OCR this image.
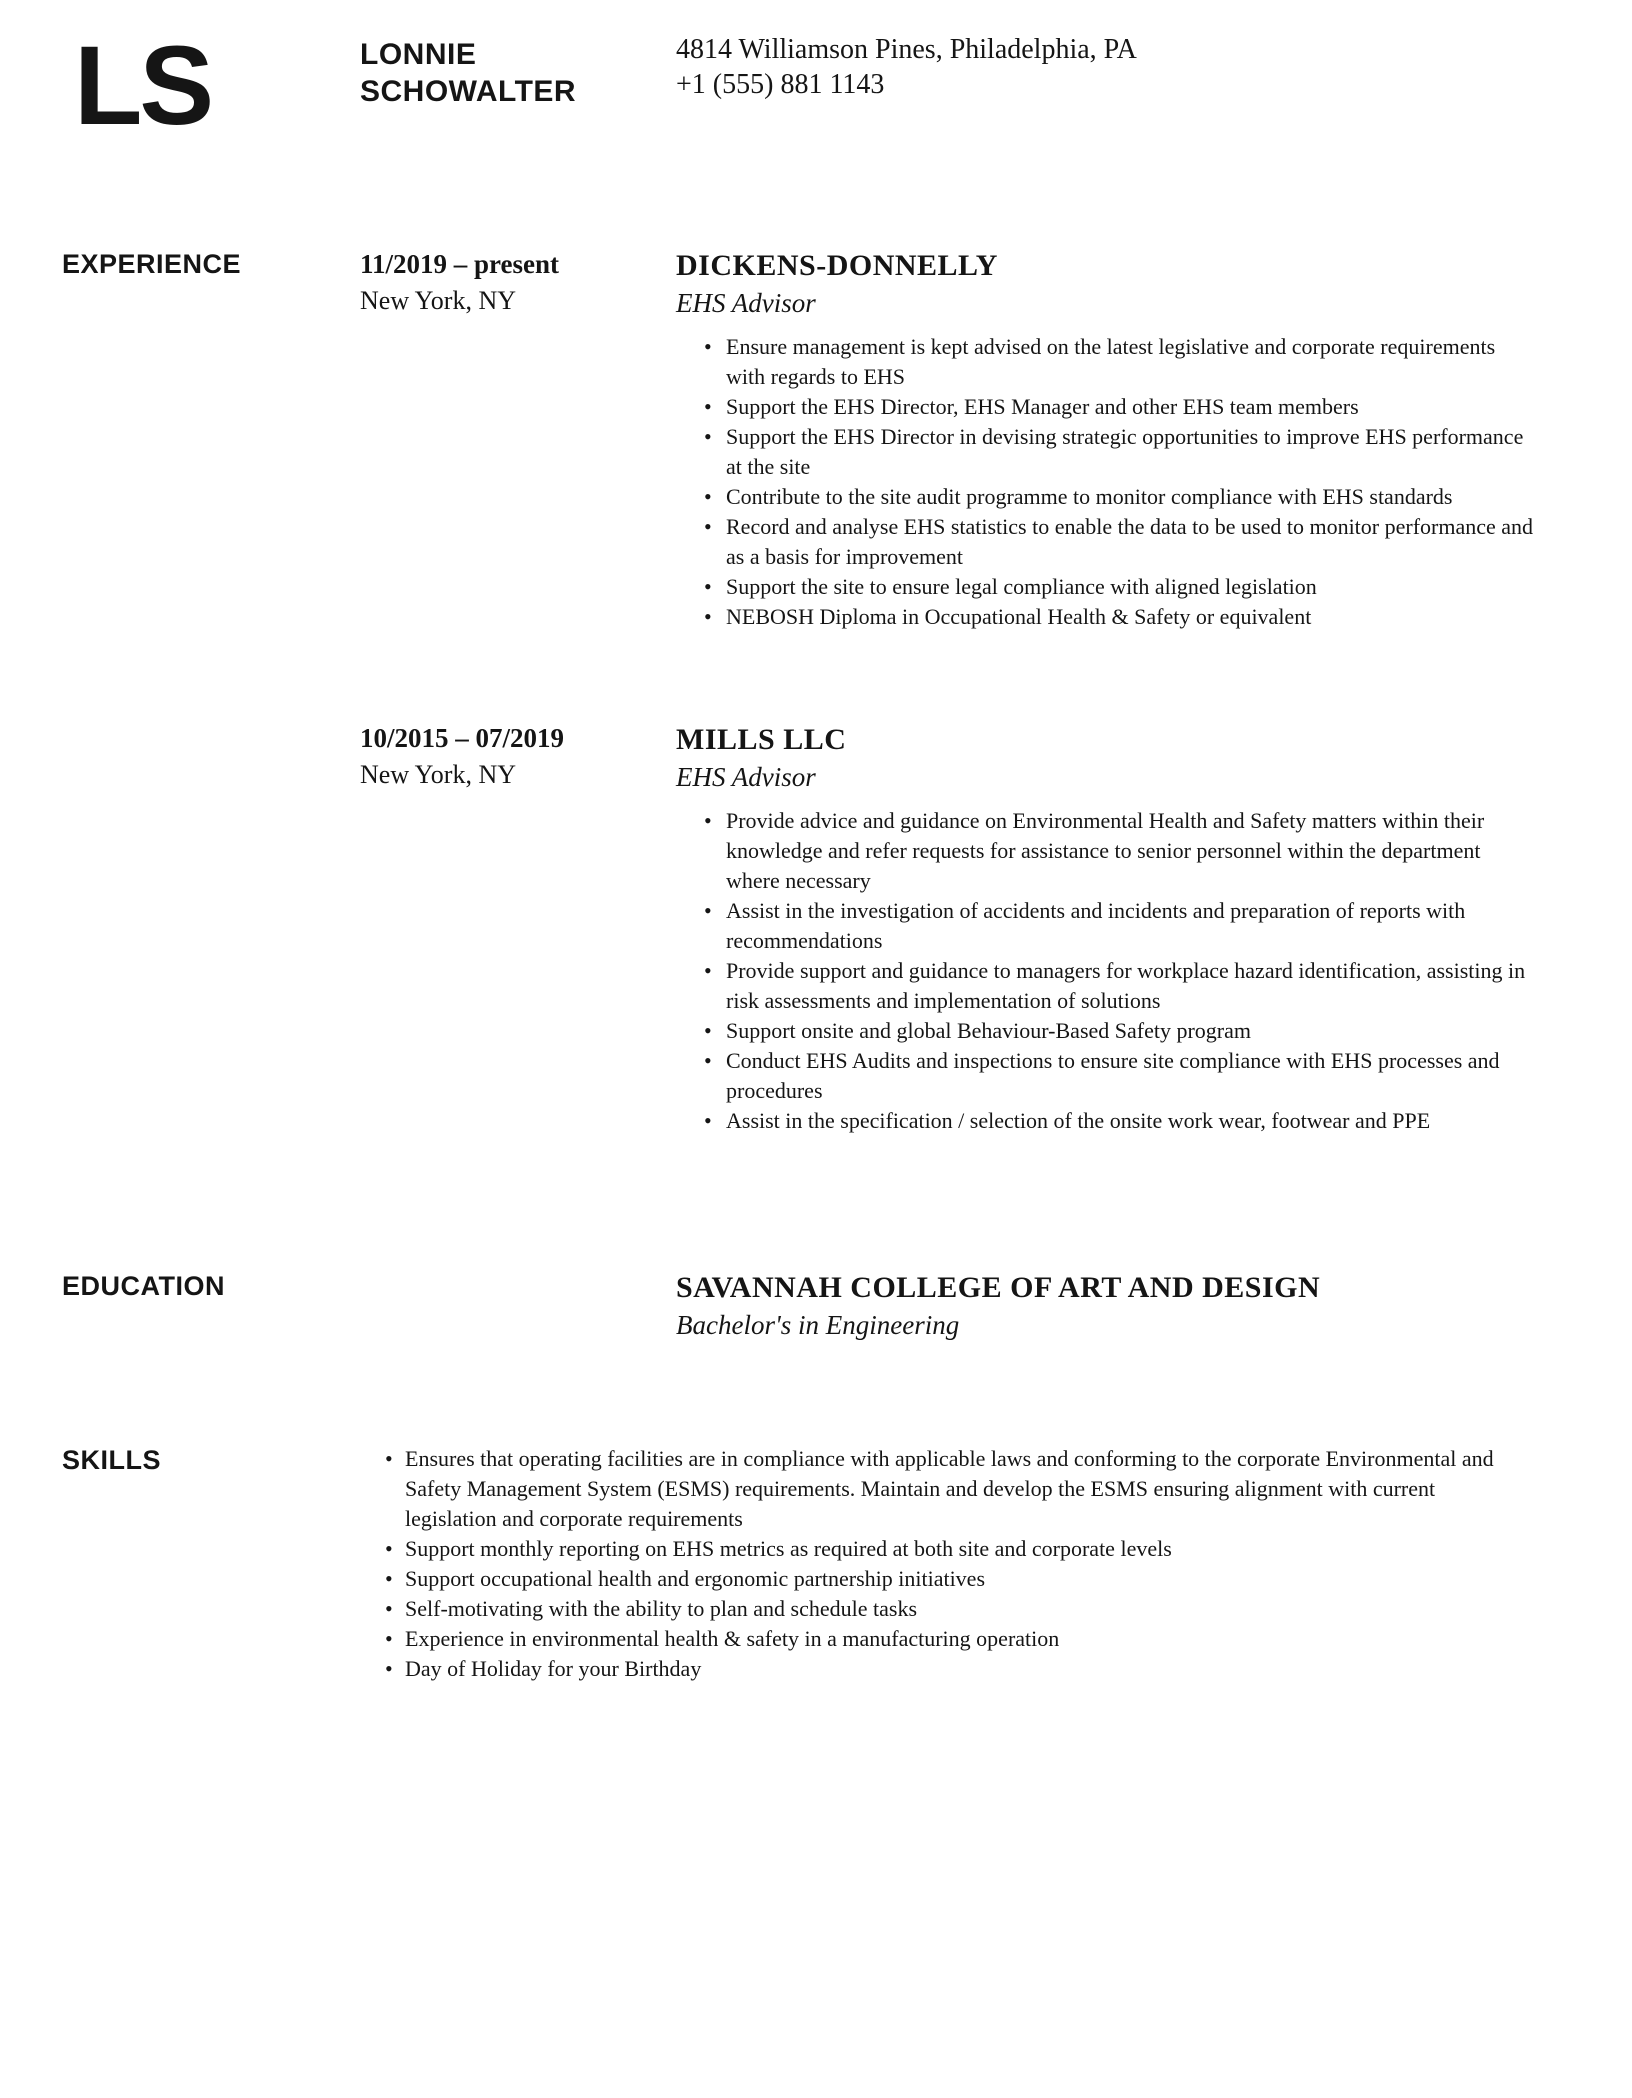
LS	LONNIE
SCHOWALTER
4814 Williamson Pines, Philadelphia, PA
+1 (555) 881 1143
EXPERIENCE	11/2019 – present
New York, NY
DICKENS-DONNELLY
EHS Advisor
• Ensure management is kept advised on the latest legislative and corporate requirements with regards to EHS
• Support the EHS Director, EHS Manager and other EHS team members
• Support the EHS Director in devising strategic opportunities to improve EHS performance at the site
• Contribute to the site audit programme to monitor compliance with EHS standards
• Record and analyse EHS statistics to enable the data to be used to monitor performance and as a basis for improvement
• Support the site to ensure legal compliance with aligned legislation
• NEBOSH Diploma in Occupational Health & Safety or equivalent
10/2015 – 07/2019
New York, NY
MILLS LLC
EHS Advisor
• Provide advice and guidance on Environmental Health and Safety matters within their knowledge and refer requests for assistance to senior personnel within the department where necessary
• Assist in the investigation of accidents and incidents and preparation of reports with recommendations
• Provide support and guidance to managers for workplace hazard identification, assisting in risk assessments and implementation of solutions
• Support onsite and global Behaviour-Based Safety program
• Conduct EHS Audits and inspections to ensure site compliance with EHS processes and procedures
• Assist in the specification / selection of the onsite work wear, footwear and PPE
EDUCATION	SAVANNAH COLLEGE OF ART AND DESIGN
Bachelor's in Engineering
SKILLS	• Ensures that operating facilities are in compliance with applicable laws and conforming to the corporate Environmental and Safety Management System (ESMS) requirements. Maintain and develop the ESMS ensuring alignment with current legislation and corporate requirements
• Support monthly reporting on EHS metrics as required at both site and corporate levels
• Support occupational health and ergonomic partnership initiatives
• Self-motivating with the ability to plan and schedule tasks
• Experience in environmental health & safety in a manufacturing operation
• Day of Holiday for your Birthday
